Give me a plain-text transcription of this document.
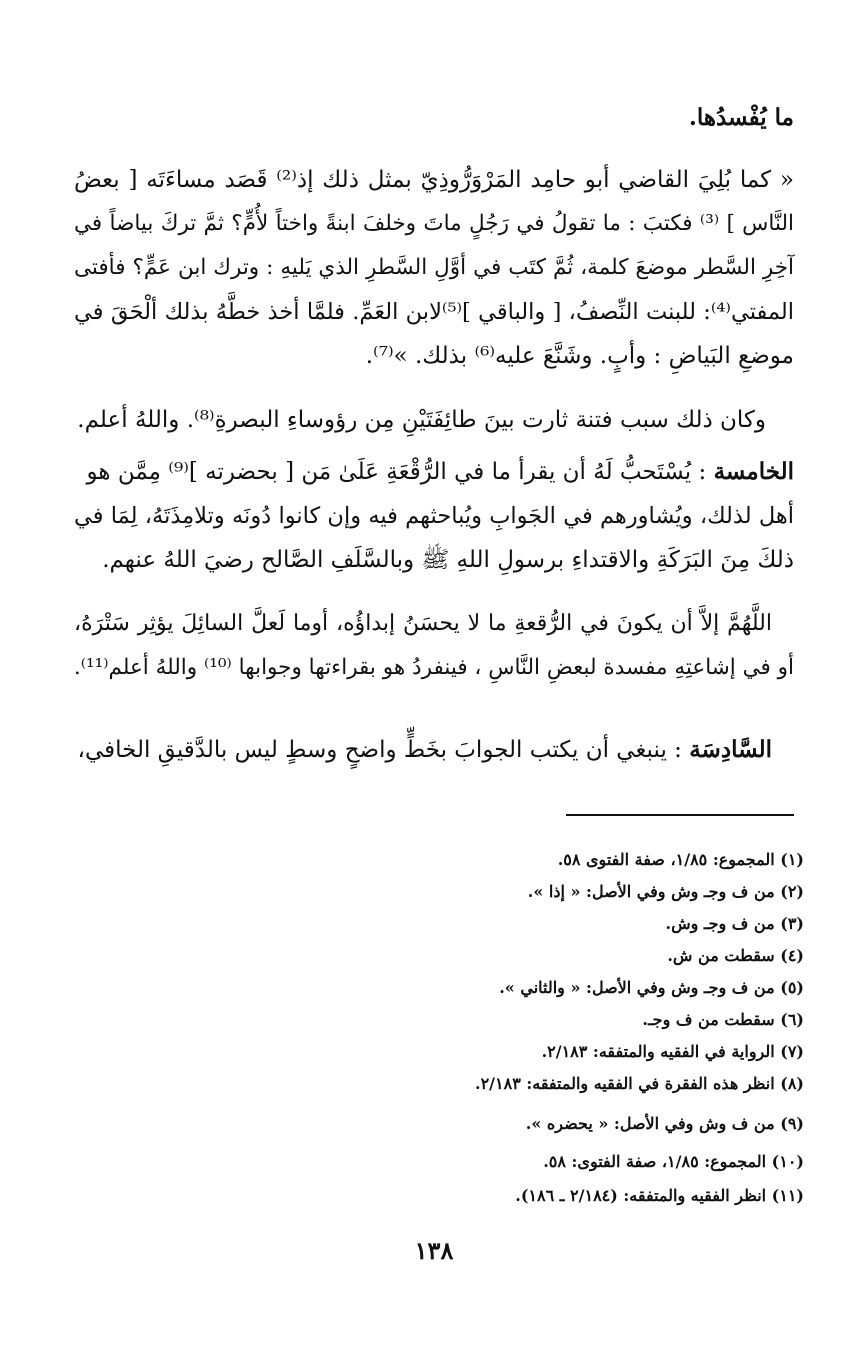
ما يُفْسدُها.
« كما بُلِيَ القاضي أبو حامِد المَرْوَرُّوذِيّ بمثل ذلك إذ⁽²⁾ قَصَد مساءَتَه [ بعضُ
النَّاس ] ⁽³⁾ فكتبَ : ما تقولُ في رَجُلٍ ماتَ وخلفَ ابنةً واختاً لأُمٍّ؟ ثمَّ تركَ بياضاً في
آخِرِ السَّطر موضعَ كلمة، ثُمَّ كتَب في أوَّلِ السَّطرِ الذي يَليهِ : وترك ابن عَمٍّ؟ فأفتى
المفتي⁽⁴⁾: للبنت النِّصفُ، [ والباقي ]⁽⁵⁾لابن العَمِّ. فلمَّا أخذ خطَّهُ بذلك ألْحَقَ في
موضعِ البَياضِ : وأبٍ. وشَنَّعَ عليه⁽⁶⁾ بذلك. »⁽⁷⁾.
وكان ذلك سبب فتنة ثارت بينَ طائِفَتَيْنِ مِن رؤوساءِ البصرةِ⁽⁸⁾. واللهُ أعلم.
الخامسة : يُسْتَحبُّ لَهُ أن يقرأ ما في الرُّقْعَةِ عَلَىٰ مَن [ بحضرته ]⁽⁹⁾ مِمَّن هو
أهل لذلك، ويُشاورهم في الجَوابِ ويُباحثهم فيه وإن كانوا دُونَه وتلامِذَتَهُ، لِمَا في
ذلكَ مِنَ البَرَكَةِ والاقتداءِ برسولِ اللهِ ﷺ وبالسَّلَفِ الصَّالح رضيَ اللهُ عنهم.
اللَّهُمَّ إلاَّ أن يكونَ في الرُّقعةِ ما لا يحسَنُ إبداؤُه، أوما لَعلَّ السائِلَ يؤثِر سَتْرَهُ،
أو في إشاعتِهِ مفسدة لبعضِ النَّاسِ ، فينفردُ هو بقراءتها وجوابها ⁽¹⁰⁾ واللهُ أعلم⁽¹¹⁾.
السَّادِسَة : ينبغي أن يكتب الجوابَ بخَطٍّ واضحٍ وسطٍ ليس بالدَّقيقِ الخافي،
(١) المجموع: ١/٨٥، صفة الفتوى ٥٨.
(٢) من ف وجـ وش وفي الأصل: « إذا ».
(٣) من ف وجـ وش.
(٤) سقطت من ش.
(٥) من ف وجـ وش وفي الأصل: « والثاني ».
(٦) سقطت من ف وجـ.
(٧) الرواية في الفقيه والمتفقه: ٢/١٨٣.
(٨) انظر هذه الفقرة في الفقيه والمتفقه: ٢/١٨٣.
(٩) من ف وش وفي الأصل: « يحضره ».
(١٠) المجموع: ١/٨٥، صفة الفتوى: ٥٨.
(١١) انظر الفقيه والمتفقه: (٢/١٨٤ ـ ١٨٦).
١٣٨
